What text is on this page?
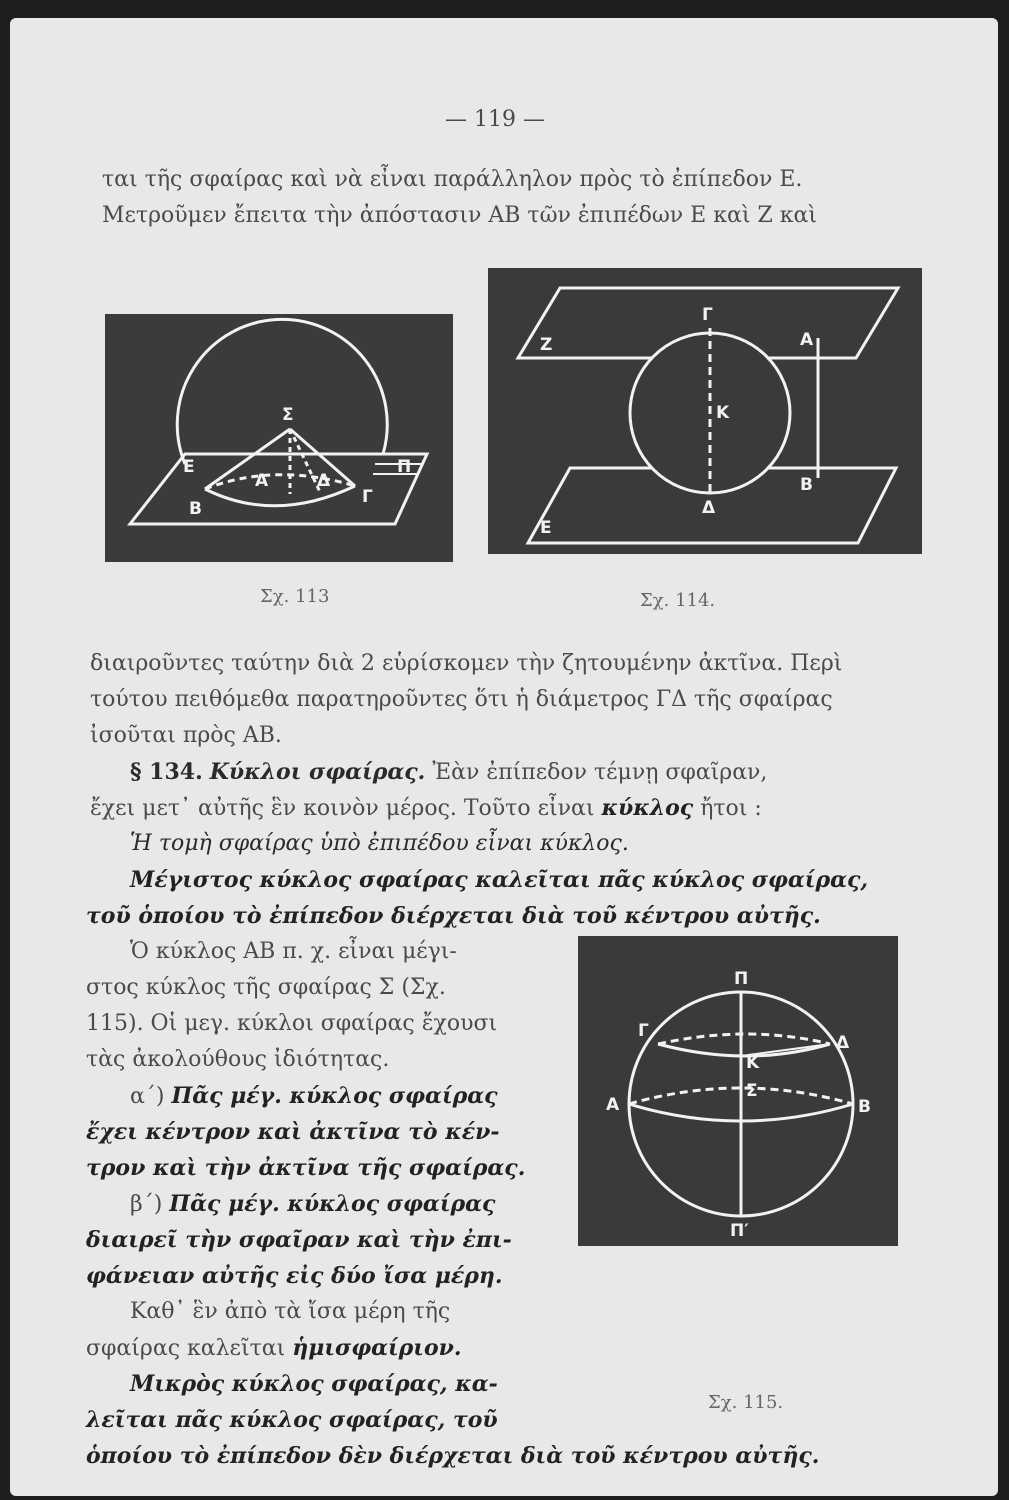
— 119 —
ται τῆς σφαίρας καὶ νὰ εἶναι παράλληλον πρὸς τὸ ἐπίπεδον Ε.
Μετροῦμεν ἔπειτα τὴν ἀπόστασιν ΑΒ τῶν ἐπιπέδων Ε καὶ Ζ καὶ
Σ
Α
Β
Γ
Δ
Π
Ε
Γ
Α
Ζ
Κ
Δ
Β
Ε
Σχ. 113	Σχ. 114.
διαιροῦντες ταύτην διὰ 2 εὑρίσκομεν τὴν ζητουμένην ἀκτῖνα. Περὶ
τούτου πειθόμεθα παρατηροῦντες ὅτι ἡ διάμετρος ΓΔ τῆς σφαίρας
ἰσοῦται πρὸς ΑΒ.
§ 134. Κύκλοι σφαίρας. Ἐὰν ἐπίπεδον τέμνῃ σφαῖραν,
ἔχει μετ᾽ αὐτῆς ἓν κοινὸν μέρος. Τοῦτο εἶναι κύκλος ἤτοι :
Ἡ τομὴ σφαίρας ὑπὸ ἐπιπέδου εἶναι κύκλος.
Μέγιστος κύκλος σφαίρας καλεῖται πᾶς κύκλος σφαίρας,
τοῦ ὁποίου τὸ ἐπίπεδον διέρχεται διὰ τοῦ κέντρου αὐτῆς.
Ὁ κύκλος ΑΒ π. χ. εἶναι μέγι-
στος κύκλος τῆς σφαίρας Σ (Σχ.
115). Οἱ μεγ. κύκλοι σφαίρας ἔχουσι
τὰς ἀκολούθους ἰδιότητας.
α΄) Πᾶς μέγ. κύκλος σφαίρας
ἔχει κέντρον καὶ ἀκτῖνα τὸ κέν-
τρον καὶ τὴν ἀκτῖνα τῆς σφαίρας.
β΄) Πᾶς μέγ. κύκλος σφαίρας
διαιρεῖ τὴν σφαῖραν καὶ τὴν ἐπι-
φάνειαν αὐτῆς εἰς δύο ἴσα μέρη.
Καθ᾽ ἓν ἀπὸ τὰ ἴσα μέρη τῆς
σφαίρας καλεῖται ἡμισφαίριον.
Μικρὸς κύκλος σφαίρας, κα-
λεῖται πᾶς κύκλος σφαίρας, τοῦ
ὁποίου τὸ ἐπίπεδον δὲν διέρχεται διὰ τοῦ κέντρου αὐτῆς.
Π
Γ
Δ
Κ
Α
Σ
Β
Π′
Σχ. 115.
